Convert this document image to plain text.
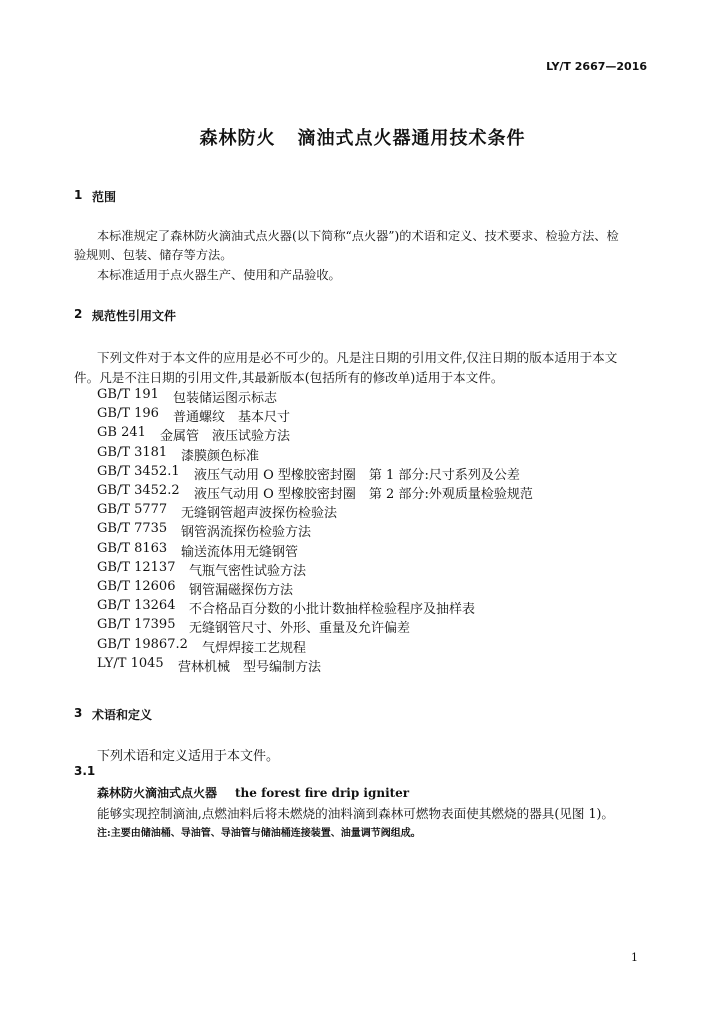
LY/T 2667—2016
森林防火 滴油式点火器通用技术条件
1 范围
本标准规定了森林防火滴油式点火器(以下简称“点火器”)的术语和定义、技术要求、检验方法、检
验规则、包装、储存等方法。
本标准适用于点火器生产、使用和产品验收。
2 规范性引用文件
下列文件对于本文件的应用是必不可少的。凡是注日期的引用文件,仅注日期的版本适用于本文
件。凡是不注日期的引用文件,其最新版本(包括所有的修改单)适用于本文件。
GB/T 191 包装储运图示标志
GB/T 196 普通螺纹　基本尺寸
GB 241 金属管　液压试验方法
GB/T 3181 漆膜颜色标准
GB/T 3452.1 液压气动用 O 型橡胶密封圈　第 1 部分:尺寸系列及公差
GB/T 3452.2 液压气动用 O 型橡胶密封圈　第 2 部分:外观质量检验规范
GB/T 5777 无缝钢管超声波探伤检验法
GB/T 7735 钢管涡流探伤检验方法
GB/T 8163 输送流体用无缝钢管
GB/T 12137 气瓶气密性试验方法
GB/T 12606 钢管漏磁探伤方法
GB/T 13264 不合格品百分数的小批计数抽样检验程序及抽样表
GB/T 17395 无缝钢管尺寸、外形、重量及允许偏差
GB/T 19867.2 气焊焊接工艺规程
LY/T 1045 营林机械　型号编制方法
3 术语和定义
下列术语和定义适用于本文件。
3.1
森林防火滴油式点火器 the forest fire drip igniter
能够实现控制滴油,点燃油料后将未燃烧的油料滴到森林可燃物表面使其燃烧的器具(见图 1)。
注:主要由储油桶、导油管、导油管与储油桶连接装置、油量调节阀组成。
1
